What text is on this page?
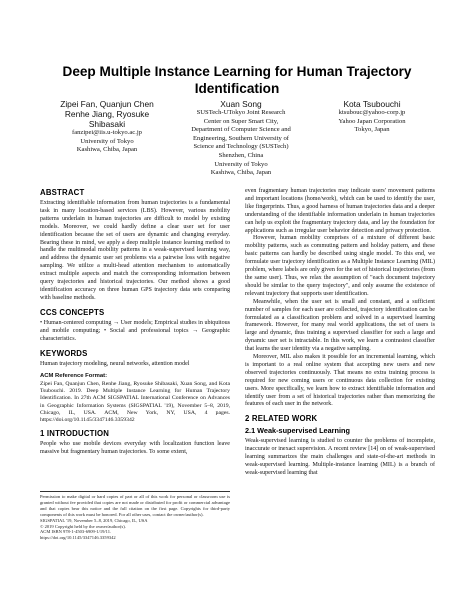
Deep Multiple Instance Learning for Human Trajectory
Identification
Zipei Fan, Quanjun Chen
Renhe Jiang, Ryosuke
Shibasaki
fanzipei@iis.u-tokyo.ac.jp
University of Tokyo
Kashiwa, Chiba, Japan
Xuan Song
SUSTech-UTokyo Joint Research
Center on Super Smart City,
Department of Computer Science and
Engineering, Southern University of
Science and Technology (SUSTech)
Shenzhen, China
University of Tokyo
Kashiwa, Chiba, Japan
Kota Tsubouchi
ktsubouc@yahoo-corp.jp
Yahoo Japan Corporation
Tokyo, Japan
ABSTRACT

Extracting identifiable information from human trajectories is a fundamental task in many location-based services (LBS). However, various mobility patterns underlain in human trajectories are difficult to model by existing models. Moreover, we could hardly define a clear user set for user identification because the set of users are dynamic and changing everyday. Bearing these in mind, we apply a deep multiple instance learning method to handle the multimodal mobility patterns in a weak-supervised learning way, and address the dynamic user set problems via a pairwise loss with negative sampling. We utilize a multi-head attention mechanism to automatically extract multiple aspects and match the corresponding information between query trajectories and historical trajectories. Our method shows a good identification accuracy on three human GPS trajectory data sets comparing with baseline methods.

CCS CONCEPTS

• Human-centered computing → User models; Empirical studies in ubiquitous and mobile computing; • Social and professional topics → Geographic characteristics.

KEYWORDS

Human trajectory modeling, neural networks, attention model

ACM Reference Format:

Zipei Fan, Quanjun Chen, Renhe Jiang, Ryosuke Shibasaki, Xuan Song, and Kota Tsubouchi. 2019. Deep Multiple Instance Learning for Human Trajectory Identification. In 27th ACM SIGSPATIAL International Conference on Advances in Geographic Information Systems (SIGSPATIAL '19), November 5–8, 2019, Chicago, IL, USA. ACM, New York, NY, USA, 4 pages. https://doi.org/10.1145/3347146.3359342

1 INTRODUCTION

People who use mobile devices everyday with localization function leave massive but fragmentary human trajectories. To some extent,

Permission to make digital or hard copies of part or all of this work for personal or classroom use is granted without fee provided that copies are not made or distributed for profit or commercial advantage and that copies bear this notice and the full citation on the first page. Copyrights for third-party components of this work must be honored. For all other uses, contact the owner/author(s).
SIGSPATIAL '19, November 5–8, 2019, Chicago, IL, USA
© 2019 Copyright held by the owner/author(s).
ACM ISBN 978-1-4503-6909-1/19/11.
https://doi.org/10.1145/3347146.3359342

even fragmentary human trajectories may indicate users' movement patterns and important locations (home/work), which can be used to identify the user, like fingerprints. Thus, a good harness of human trajectories data and a deeper understanding of the identifiable information underlain in human trajectories can help us exploit the fragmentary trajectory data, and lay the foundation for applications such as irregular user behavior detection and privacy protection.

However, human mobility comprises of a mixture of different basic mobility patterns, such as commuting pattern and holiday pattern, and these basic patterns can hardly be described using single model. To this end, we formulate user trajectory identification as a Multiple Instance Learning (MIL) problem, where labels are only given for the set of historical trajectories (from the same user). Thus, we relax the assumption of "each document trajectory should be similar to the query trajectory", and only assume the existence of relevant trajectory that supports user identification.

Meanwhile, when the user set is small and constant, and a sufficient number of samples for each user are collected, trajectory identification can be formulated as a classification problem and solved in a supervised learning framework. However, for many real world applications, the set of users is large and dynamic, thus training a supervised classifier for such a large and dynamic user set is intractable. In this work, we learn a contrastest classifier that learns the user identity via a negative sampling.

Moreover, MIL also makes it possible for an incremental learning, which is important to a real online system that accepting new users and new observed trajectories continuously. That means no extra training process is required for new coming users or continuous data collection for existing users. More specifically, we learn how to extract identifiable information and identify user from a set of historical trajectories rather than memorizing the features of each user in the network.

2 RELATED WORK
2.1 Weak-supervised Learning

Weak-supervised learning is studied to counter the problems of incomplete, inaccurate or inexact supervision. A recent review [14] on of weak-supervised learning summarizes the main challenges and state-of-the-art methods in weak-supervised learning. Multiple-instance learning (MIL) is a branch of weak-supervised learning that
